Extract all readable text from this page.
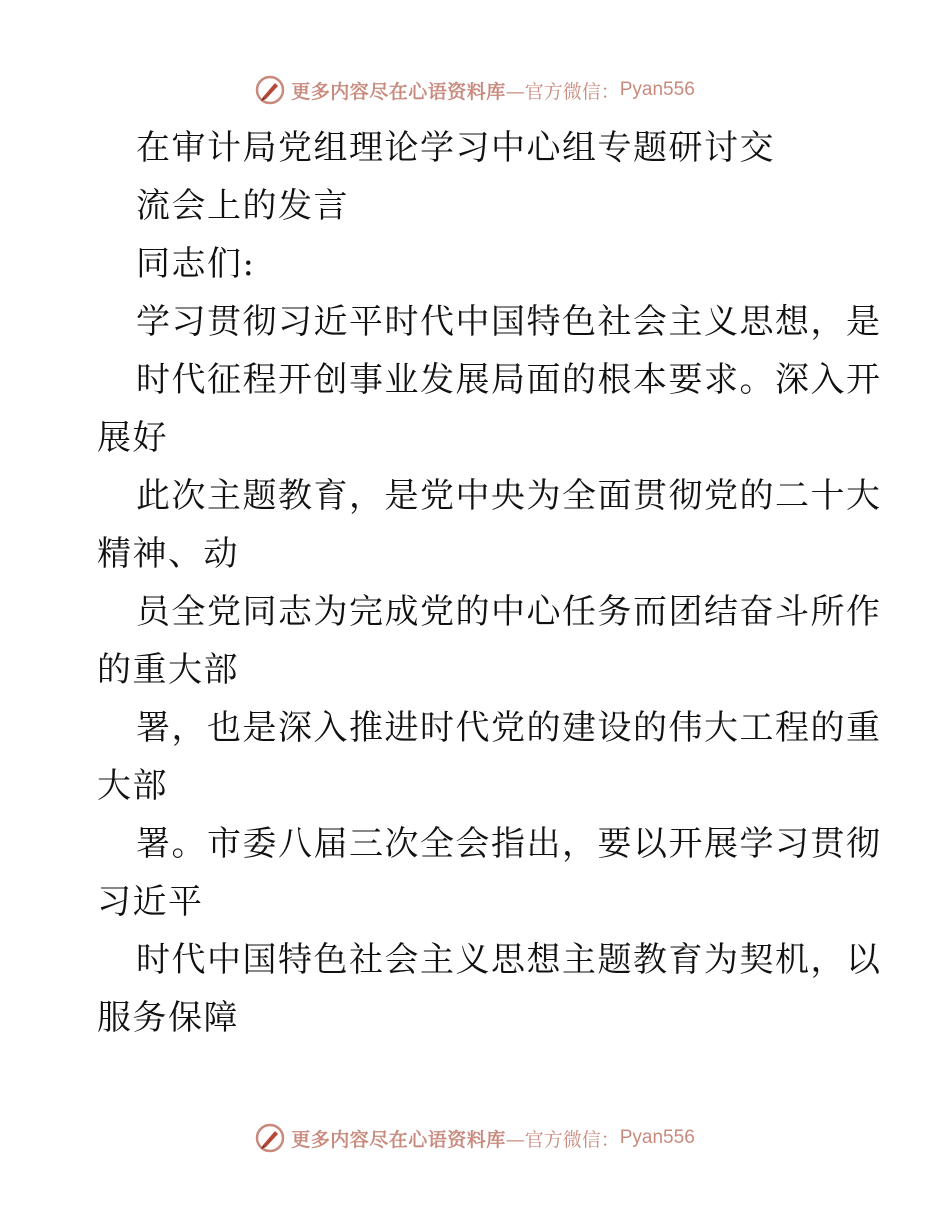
更多内容尽在心语资料库 —官方微信： Pyan556
在审计局党组理论学习中心组专题研讨交
流会上的发言
同志们:
学习贯彻习近平时代中国特色社会主义思想，是
时代征程开创事业发展局面的根本要求。深入开
展好
此次主题教育，是党中央为全面贯彻党的二十大
精神、动
员全党同志为完成党的中心任务而团结奋斗所作
的重大部
署，也是深入推进时代党的建设的伟大工程的重
大部
署。市委八届三次全会指出，要以开展学习贯彻
习近平
时代中国特色社会主义思想主题教育为契机，以
服务保障
更多内容尽在心语资料库 —官方微信： Pyan556
